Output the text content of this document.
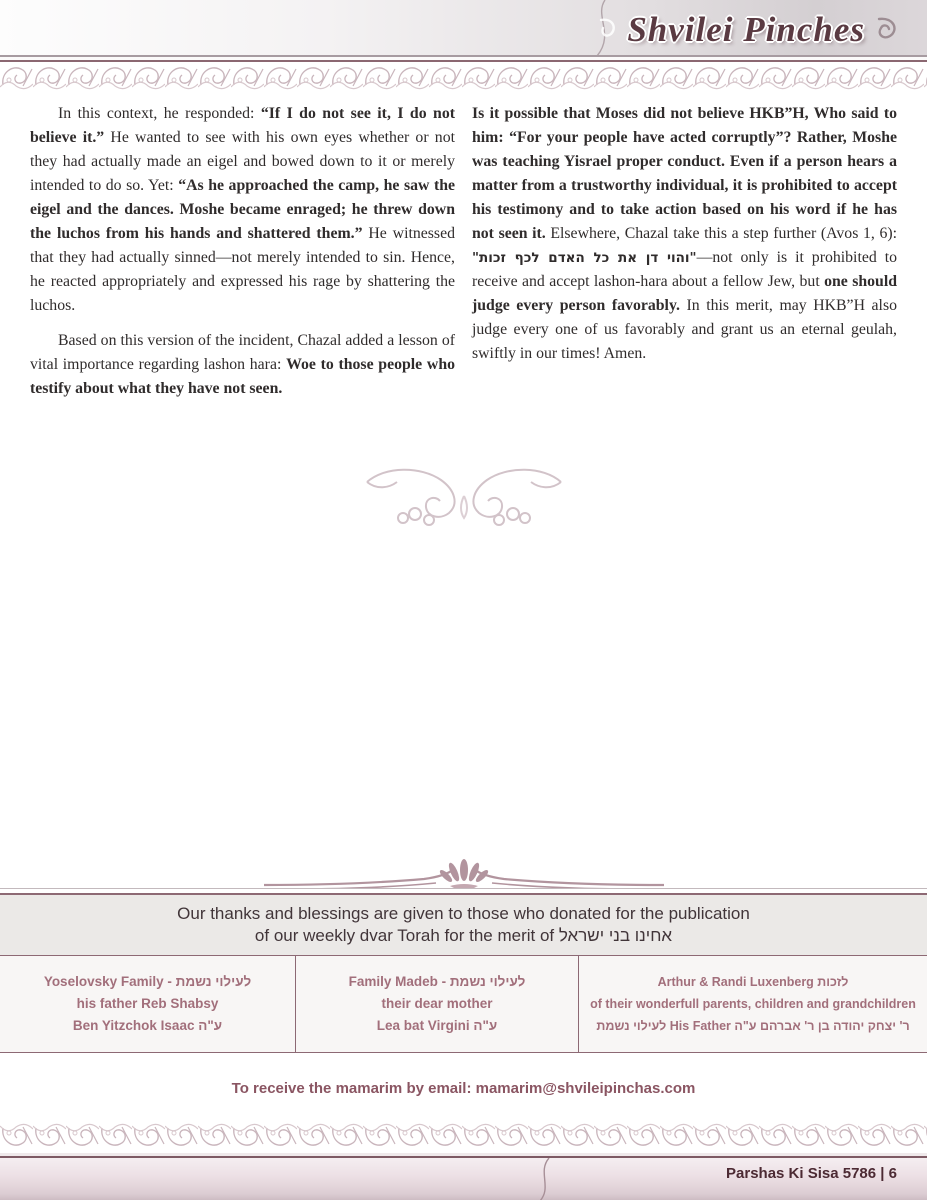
Shvilei Pinches

In this context, he responded: “If I do not see it, I do not believe it.” He wanted to see with his own eyes whether or not they had actually made an eigel and bowed down to it or merely intended to do so. Yet: “As he approached the camp, he saw the eigel and the dances. Moshe became enraged; he threw down the luchos from his hands and shattered them.” He witnessed that they had actually sinned—not merely intended to sin. Hence, he reacted appropriately and expressed his rage by shattering the luchos.

Based on this version of the incident, Chazal added a lesson of vital importance regarding lashon hara: Woe to those people who testify about what they have not seen.

Is it possible that Moses did not believe HKB”H, Who said to him: “For your people have acted corruptly”? Rather, Moshe was teaching Yisrael proper conduct. Even if a person hears a matter from a trustworthy individual, it is prohibited to accept his testimony and to take action based on his word if he has not seen it. Elsewhere, Chazal take this a step further (Avos 1, 6): "והוי דן את כל האדם לכף זכות"—not only is it prohibited to receive and accept lashon-hara about a fellow Jew, but one should judge every person favorably. In this merit, may HKB”H also judge every one of us favorably and grant us an eternal geulah, swiftly in our times! Amen.

Our thanks and blessings are given to those who donated for the publication
of our weekly dvar Torah for the merit of אחינו בני ישראל
Yoselovsky Family - לעילוי נשמת
his father Reb Shabsy
Ben Yitzchok Isaac ע"ה
Family Madeb - לעילוי נשמת
their dear mother
Lea bat Virgini ע"ה
Arthur & Randi Luxenberg לזכות
of their wonderfull parents, children and grandchildren
לעילוי נשמת His Father ר' יצחק יהודה בן ר' אברהם ע"ה
To receive the mamarim by email: mamarim@shvileipinchas.com
Parshas Ki Sisa 5786 | 6
